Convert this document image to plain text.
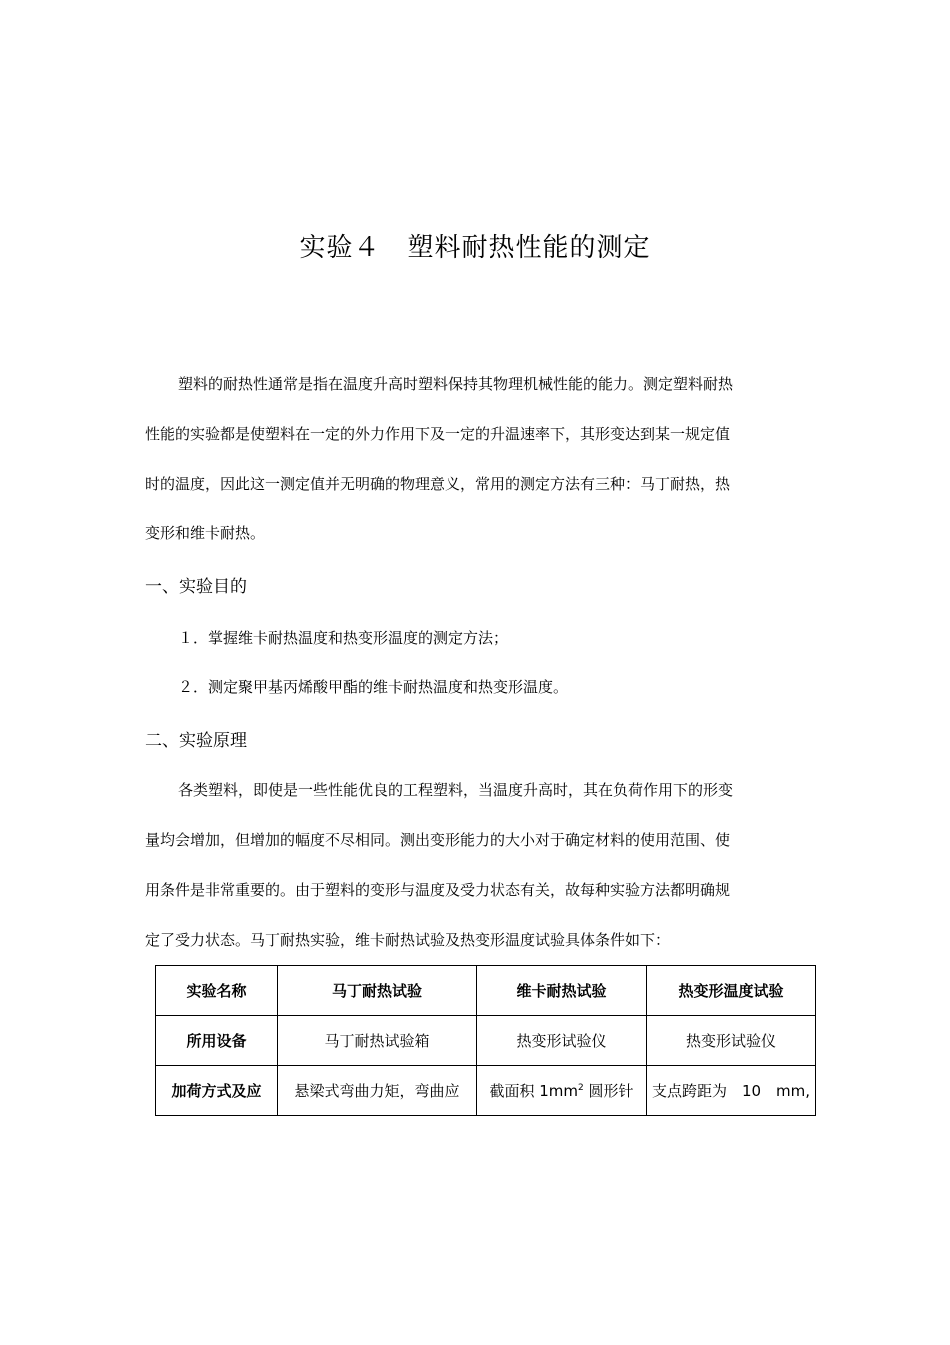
实验４　塑料耐热性能的测定

塑料的耐热性通常是指在温度升高时塑料保持其物理机械性能的能力。测定塑料耐热

性能的实验都是使塑料在一定的外力作用下及一定的升温速率下，其形变达到某一规定值

时的温度，因此这一测定值并无明确的物理意义，常用的测定方法有三种：马丁耐热，热

变形和维卡耐热。

一、实验目的

１．掌握维卡耐热温度和热变形温度的测定方法；

２．测定聚甲基丙烯酸甲酯的维卡耐热温度和热变形温度。

二、实验原理

各类塑料，即使是一些性能优良的工程塑料，当温度升高时，其在负荷作用下的形变

量均会增加，但增加的幅度不尽相同。测出变形能力的大小对于确定材料的使用范围、使

用条件是非常重要的。由于塑料的变形与温度及受力状态有关，故每种实验方法都明确规

定了受力状态。马丁耐热实验，维卡耐热试验及热变形温度试验具体条件如下：

实验名称	马丁耐热试验	维卡耐热试验	热变形温度试验
所用设备	马丁耐热试验箱	热变形试验仪	热变形试验仪
加荷方式及应	悬梁式弯曲力矩，弯曲应	截面积 $1mm^2$ 圆形针	支点跨距为　10　mm,
